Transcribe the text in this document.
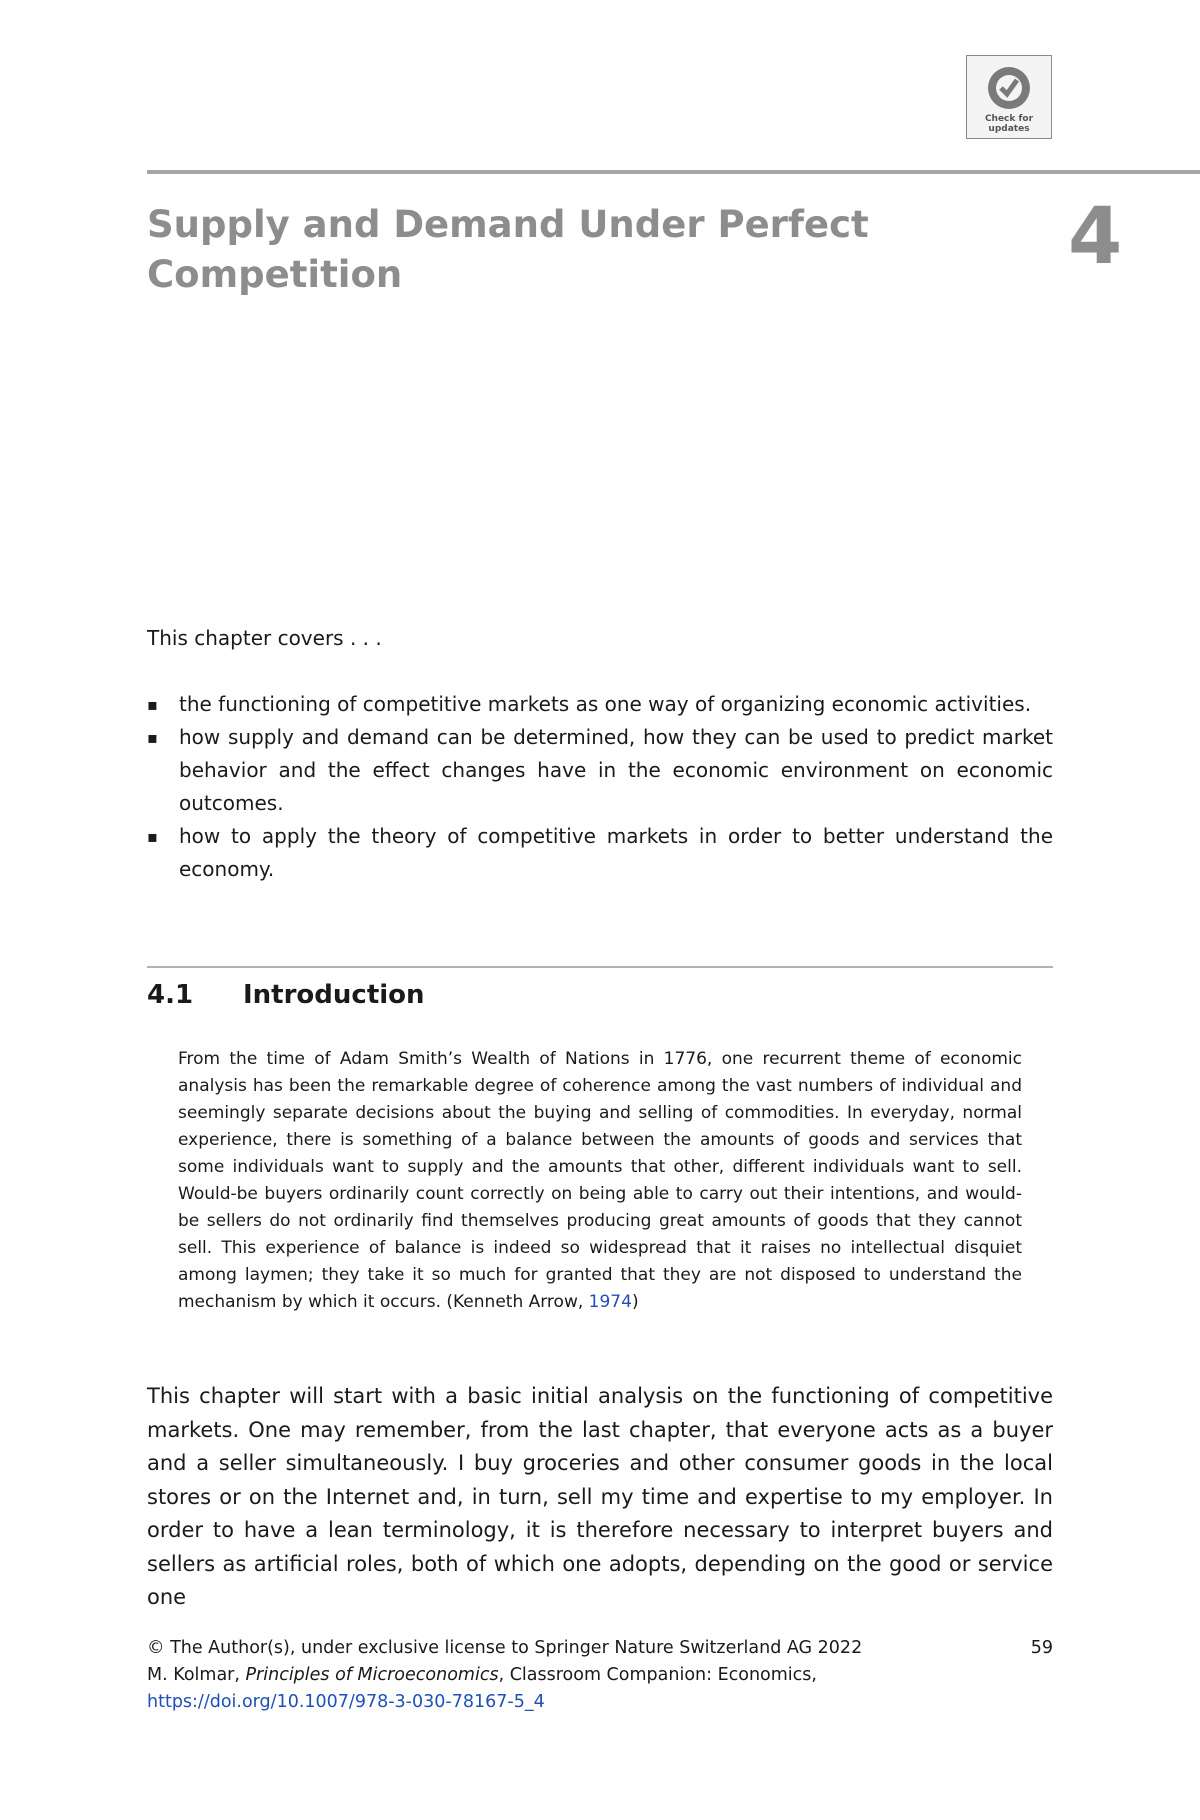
Check for updates
Supply and Demand Under Perfect Competition	4

This chapter covers . . .

▪ the functioning of competitive markets as one way of organizing economic activities.
▪ how supply and demand can be determined, how they can be used to predict market behavior and the effect changes have in the economic environment on economic outcomes.
▪ how to apply the theory of competitive markets in order to better understand the economy.
4.1 Introduction

From the time of Adam Smith’s Wealth of Nations in 1776, one recurrent theme of economic analysis has been the remarkable degree of coherence among the vast numbers of individual and seemingly separate decisions about the buying and selling of commodities. In everyday, normal experience, there is something of a balance between the amounts of goods and services that some individuals want to supply and the amounts that other, different individuals want to sell. Would-be buyers ordinarily count correctly on being able to carry out their intentions, and would-be sellers do not ordinarily find themselves producing great amounts of goods that they cannot sell. This experience of balance is indeed so widespread that it raises no intellectual disquiet among laymen; they take it so much for granted that they are not disposed to understand the mechanism by which it occurs. (Kenneth Arrow, 1974)

This chapter will start with a basic initial analysis on the functioning of competitive markets. One may remember, from the last chapter, that everyone acts as a buyer and a seller simultaneously. I buy groceries and other consumer goods in the local stores or on the Internet and, in turn, sell my time and expertise to my employer. In order to have a lean terminology, it is therefore necessary to interpret buyers and sellers as artificial roles, both of which one adopts, depending on the good or service one

© The Author(s), under exclusive license to Springer Nature Switzerland AG 2022	59
M. Kolmar, Principles of Microeconomics, Classroom Companion: Economics,
https://doi.org/10.1007/978-3-030-78167-5_4
